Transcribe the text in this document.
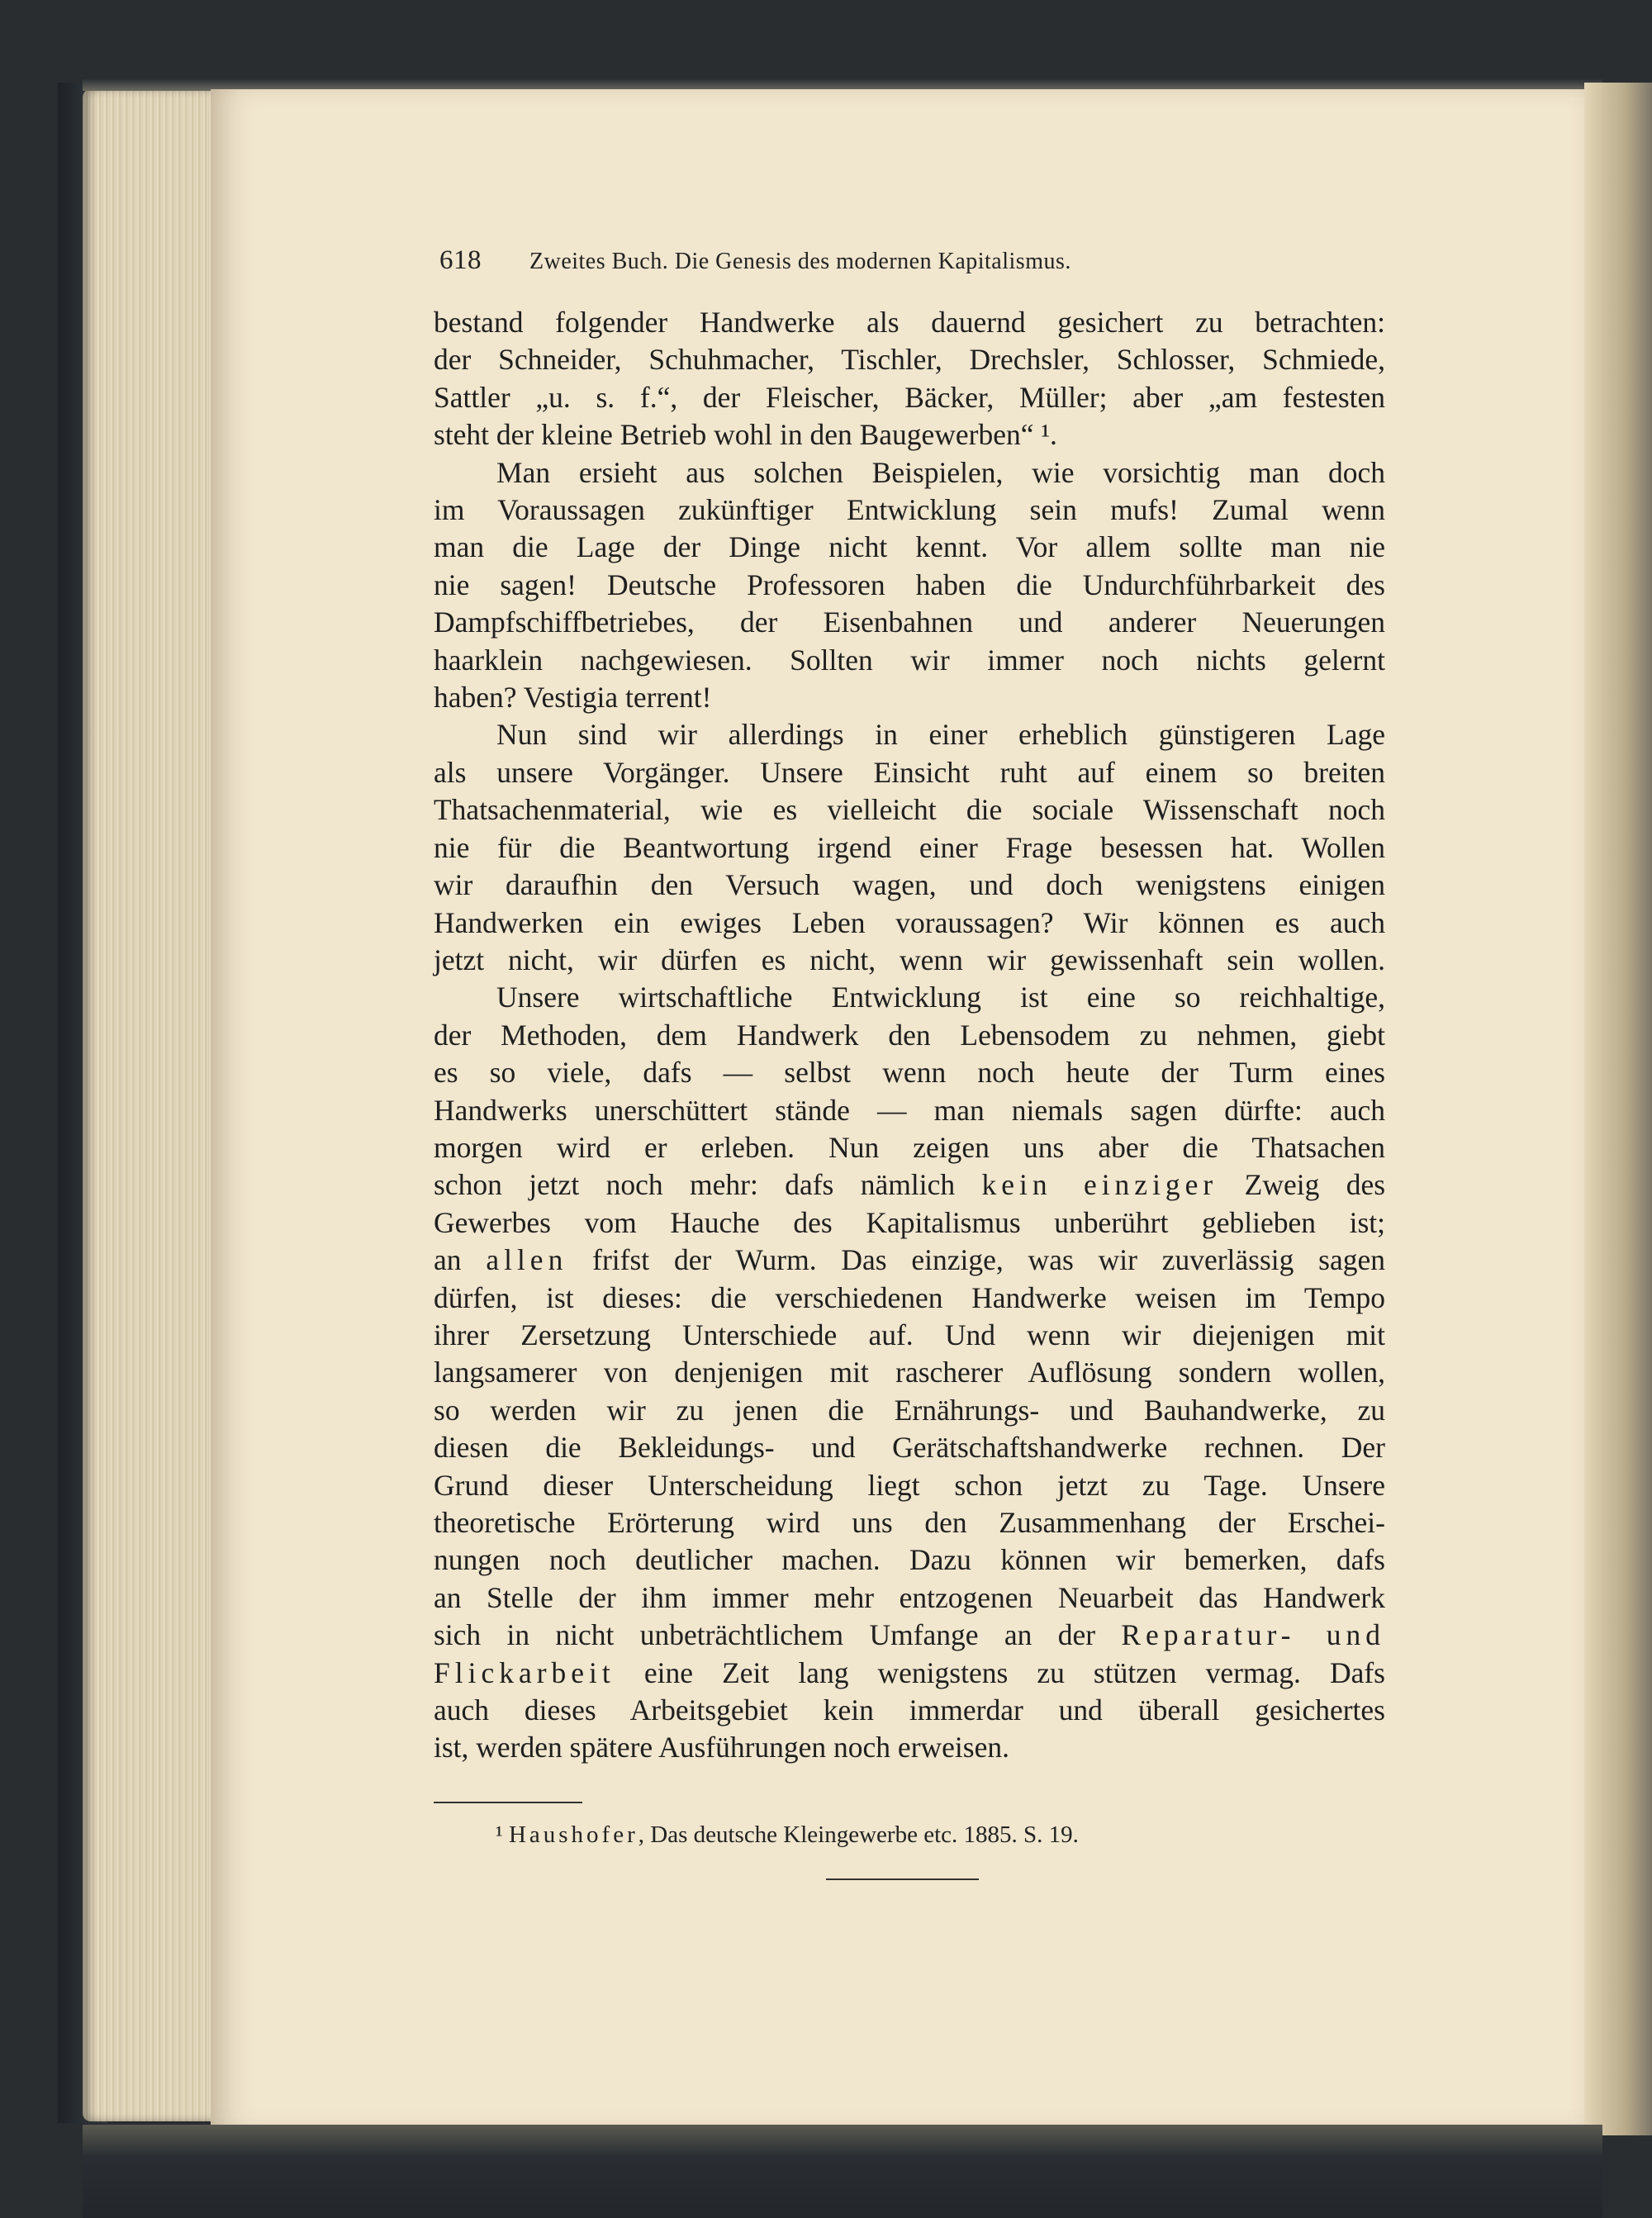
618 Zweites Buch. Die Genesis des modernen Kapitalismus.

bestand folgender Handwerke als dauernd gesichert zu betrachten:

der Schneider, Schuhmacher, Tischler, Drechsler, Schlosser, Schmiede,

Sattler „u. s. f.“, der Fleischer, Bäcker, Müller; aber „am festesten

steht der kleine Betrieb wohl in den Baugewerben“ ¹.

Man ersieht aus solchen Beispielen, wie vorsichtig man doch

im Voraussagen zukünftiger Entwicklung sein mufs! Zumal wenn

man die Lage der Dinge nicht kennt. Vor allem sollte man nie

nie sagen! Deutsche Professoren haben die Undurchführbarkeit des

Dampfschiffbetriebes, der Eisenbahnen und anderer Neuerungen

haarklein nachgewiesen. Sollten wir immer noch nichts gelernt

haben? Vestigia terrent!

Nun sind wir allerdings in einer erheblich günstigeren Lage

als unsere Vorgänger. Unsere Einsicht ruht auf einem so breiten

Thatsachenmaterial, wie es vielleicht die sociale Wissenschaft noch

nie für die Beantwortung irgend einer Frage besessen hat. Wollen

wir daraufhin den Versuch wagen, und doch wenigstens einigen

Handwerken ein ewiges Leben voraussagen? Wir können es auch

jetzt nicht, wir dürfen es nicht, wenn wir gewissenhaft sein wollen.

Unsere wirtschaftliche Entwicklung ist eine so reichhaltige,

der Methoden, dem Handwerk den Lebensodem zu nehmen, giebt

es so viele, dafs — selbst wenn noch heute der Turm eines

Handwerks unerschüttert stände — man niemals sagen dürfte: auch

morgen wird er erleben. Nun zeigen uns aber die Thatsachen

schon jetzt noch mehr: dafs nämlich kein einziger Zweig des

Gewerbes vom Hauche des Kapitalismus unberührt geblieben ist;

an allen frifst der Wurm. Das einzige, was wir zuverlässig sagen

dürfen, ist dieses: die verschiedenen Handwerke weisen im Tempo

ihrer Zersetzung Unterschiede auf. Und wenn wir diejenigen mit

langsamerer von denjenigen mit rascherer Auflösung sondern wollen,

so werden wir zu jenen die Ernährungs- und Bauhandwerke, zu

diesen die Bekleidungs- und Gerätschaftshandwerke rechnen. Der

Grund dieser Unterscheidung liegt schon jetzt zu Tage. Unsere

theoretische Erörterung wird uns den Zusammenhang der Erschei-

nungen noch deutlicher machen. Dazu können wir bemerken, dafs

an Stelle der ihm immer mehr entzogenen Neuarbeit das Handwerk

sich in nicht unbeträchtlichem Umfange an der Reparatur- und

Flickarbeit eine Zeit lang wenigstens zu stützen vermag. Dafs

auch dieses Arbeitsgebiet kein immerdar und überall gesichertes

ist, werden spätere Ausführungen noch erweisen.

¹ Haushofer, Das deutsche Kleingewerbe etc. 1885. S. 19.
